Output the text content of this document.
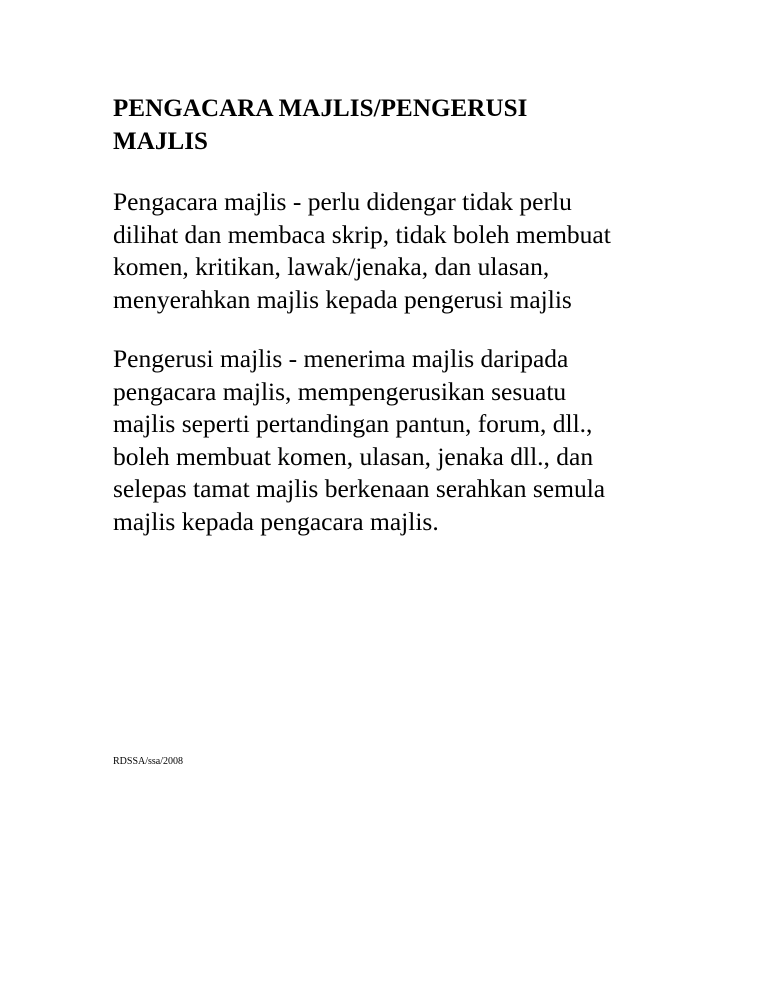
PENGACARA MAJLIS/PENGERUSI
MAJLIS

Pengacara majlis - perlu didengar tidak perlu
dilihat dan membaca skrip, tidak boleh membuat
komen, kritikan, lawak/jenaka, dan ulasan,
menyerahkan majlis kepada pengerusi majlis

Pengerusi majlis - menerima majlis daripada
pengacara majlis, mempengerusikan sesuatu
majlis seperti pertandingan pantun, forum, dll.,
boleh membuat komen, ulasan, jenaka dll., dan
selepas tamat majlis berkenaan serahkan semula
majlis kepada pengacara majlis.

RDSSA/ssa/2008
